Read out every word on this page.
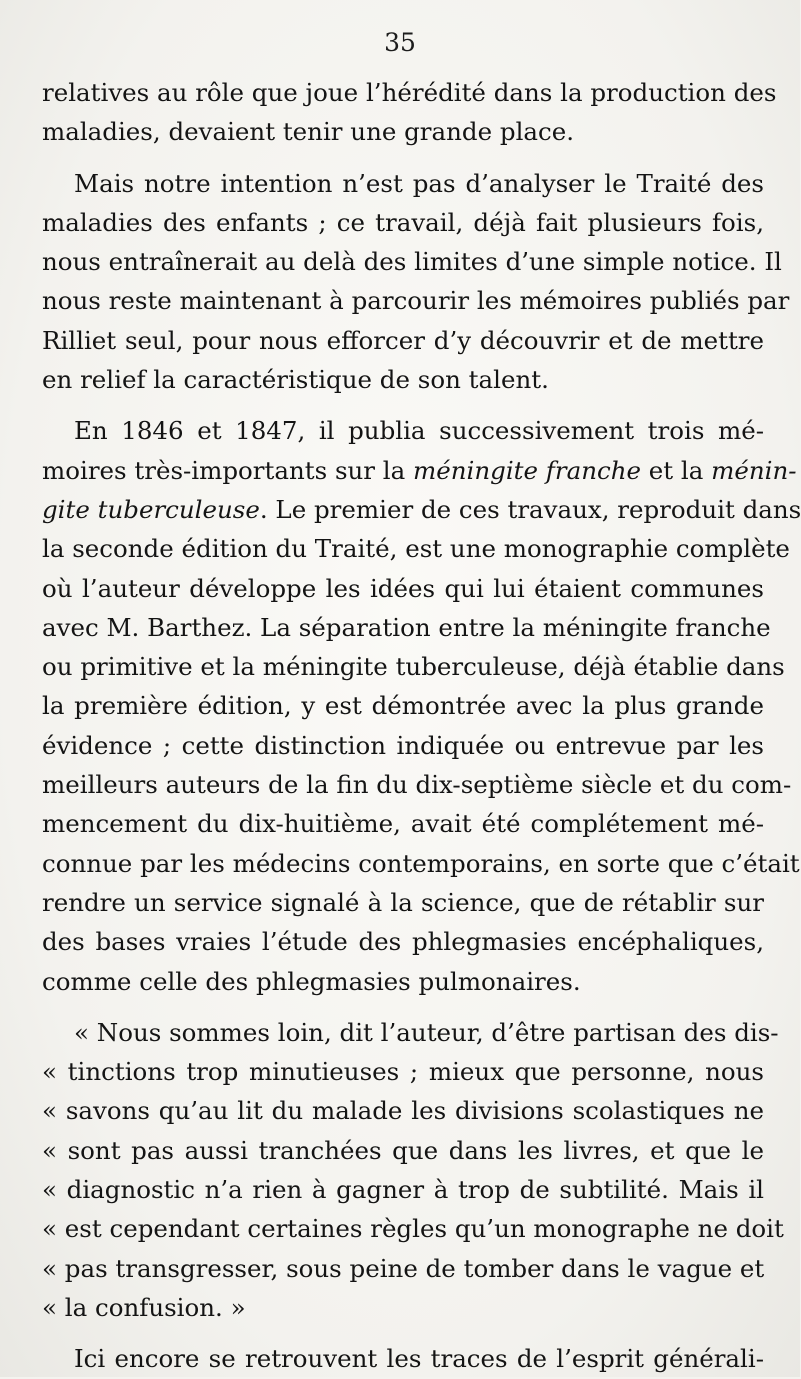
35
relatives au rôle que joue l’hérédité dans la production des
maladies, devaient tenir une grande place.
Mais notre intention n’est pas d’analyser le Traité des
maladies des enfants ; ce travail, déjà fait plusieurs fois,
nous entraînerait au delà des limites d’une simple notice. Il
nous reste maintenant à parcourir les mémoires publiés par
Rilliet seul, pour nous efforcer d’y découvrir et de mettre
en relief la caractéristique de son talent.
En 1846 et 1847, il publia successivement trois mé-
moires très-importants sur la méningite franche et la ménin-
gite tuberculeuse. Le premier de ces travaux, reproduit dans
la seconde édition du Traité, est une monographie complète
où l’auteur développe les idées qui lui étaient communes
avec M. Barthez. La séparation entre la méningite franche
ou primitive et la méningite tuberculeuse, déjà établie dans
la première édition, y est démontrée avec la plus grande
évidence ; cette distinction indiquée ou entrevue par les
meilleurs auteurs de la fin du dix-septième siècle et du com-
mencement du dix-huitième, avait été complétement mé-
connue par les médecins contemporains, en sorte que c’était
rendre un service signalé à la science, que de rétablir sur
des bases vraies l’étude des phlegmasies encéphaliques,
comme celle des phlegmasies pulmonaires.
« Nous sommes loin, dit l’auteur, d’être partisan des dis-
« tinctions trop minutieuses ; mieux que personne, nous
« savons qu’au lit du malade les divisions scolastiques ne
« sont pas aussi tranchées que dans les livres, et que le
« diagnostic n’a rien à gagner à trop de subtilité. Mais il
« est cependant certaines règles qu’un monographe ne doit
« pas transgresser, sous peine de tomber dans le vague et
« la confusion. »
Ici encore se retrouvent les traces de l’esprit générali-
